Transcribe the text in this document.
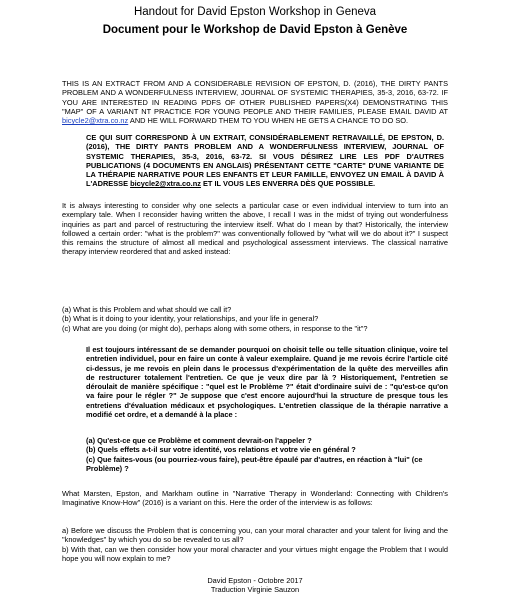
Handout for David Epston Workshop in Geneva
Document pour le Workshop de David Epston à Genève

THIS IS AN EXTRACT FROM AND A CONSIDERABLE REVISION OF EPSTON, D. (2016), THE DIRTY PANTS PROBLEM AND A WONDERFULNESS INTERVIEW, JOURNAL OF SYSTEMIC THERAPIES, 35-3, 2016, 63-72. IF YOU ARE INTERESTED IN READING PDFS OF OTHER PUBLISHED PAPERS(X4) DEMONSTRATING THIS "MAP" OF A VARIANT NT PRACTICE FOR YOUNG PEOPLE AND THEIR FAMILIES, PLEASE EMAIL DAVID AT bicycle2@xtra.co.nz AND HE WILL FORWARD THEM TO YOU WHEN HE GETS A CHANCE TO DO SO.

CE QUI SUIT CORRESPOND À UN EXTRAIT, CONSIDÉRABLEMENT RETRAVAILLÉ, DE EPSTON, D. (2016), THE DIRTY PANTS PROBLEM AND A WONDERFULNESS INTERVIEW, JOURNAL OF SYSTEMIC THERAPIES, 35-3, 2016, 63-72. SI VOUS DÉSIREZ LIRE LES PDF D'AUTRES PUBLICATIONS (4 DOCUMENTS EN ANGLAIS) PRÉSENTANT CETTE "CARTE" D'UNE VARIANTE DE LA THÉRAPIE NARRATIVE POUR LES ENFANTS ET LEUR FAMILLE, ENVOYEZ UN EMAIL À DAVID À L'ADRESSE bicycle2@xtra.co.nz ET IL VOUS LES ENVERRA DÈS QUE POSSIBLE.

It is always interesting to consider why one selects a particular case or even individual interview to turn into an exemplary tale. When I reconsider having written the above, I recall I was in the midst of trying out wonderfulness inquiries as part and parcel of restructuring the interview itself. What do I mean by that? Historically, the interview followed a certain order: "what is the problem?" was conventionally followed by "what will we do about it?" I suspect this remains the structure of almost all medical and psychological assessment interviews. The classical narrative therapy interview reordered that and asked instead:

(a) What is this Problem and what should we call it?
(b) What is it doing to your identity, your relationships, and your life in general?
(c) What are you doing (or might do), perhaps along with some others, in response to the "it"?

Il est toujours intéressant de se demander pourquoi on choisit telle ou telle situation clinique, voire tel entretien individuel, pour en faire un conte à valeur exemplaire. Quand je me revois écrire l'article cité ci-dessus, je me revois en plein dans le processus d'expérimentation de la quête des merveilles afin de restructurer totalement l'entretien. Ce que je veux dire par là ? Historiquement, l'entretien se déroulait de manière spécifique : "quel est le Problème ?" était d'ordinaire suivi de : "qu'est-ce qu'on va faire pour le régler ?" Je suppose que c'est encore aujourd'hui la structure de presque tous les entretiens d'évaluation médicaux et psychologiques. L'entretien classique de la thérapie narrative a modifié cet ordre, et a demandé à la place :

(a) Qu'est-ce que ce Problème et comment devrait-on l'appeler ?
(b) Quels effets a-t-il sur votre identité, vos relations et votre vie en général ?
(c) Que faites-vous (ou pourriez-vous faire), peut-être épaulé par d'autres, en réaction à "lui" (ce Problème) ?

What Marsten, Epston, and Markham outline in "Narrative Therapy in Wonderland: Connecting with Children's Imaginative Know-How" (2016) is a variant on this. Here the order of the interview is as follows:

a) Before we discuss the Problem that is concerning you, can your moral character and your talent for living and the "knowledges" by which you do so be revealed to us all?
b) With that, can we then consider how your moral character and your virtues might engage the Problem that I would hope you will now explain to me?
David Epston - Octobre 2017
Traduction Virginie Sauzon
